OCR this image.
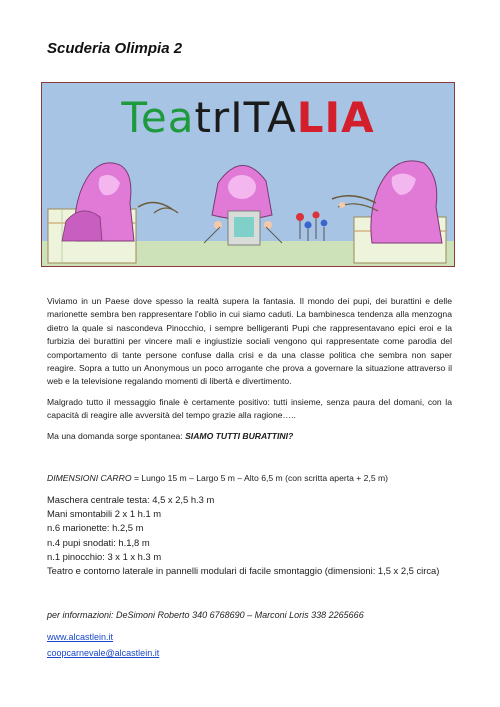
Scuderia Olimpia 2
TeatrITALIA
Viviamo in un Paese dove spesso la realtà supera la fantasia. Il mondo dei pupi, dei burattini e delle marionette sembra ben rappresentare l'oblio in cui siamo caduti. La bambinesca tendenza alla menzogna dietro la quale si nascondeva Pinocchio, i sempre belligeranti Pupi che rappresentavano epici eroi e la furbizia dei burattini per vincere mali e ingiustizie sociali vengono qui rappresentate come parodia del comportamento di tante persone confuse dalla crisi e da una classe politica che sembra non saper reagire. Sopra a tutto un Anonymous un poco arrogante che prova a governare la situazione attraverso il web e la televisione regalando momenti di libertà e divertimento.
Malgrado tutto il messaggio finale è certamente positivo: tutti insieme, senza paura del domani, con la capacità di reagire alle avversità del tempo grazie alla ragione…..
Ma una domanda sorge spontanea: SIAMO TUTTI BURATTINI?
DIMENSIONI CARRO = Lungo 15 m – Largo 5 m – Alto 6,5 m (con scritta aperta + 2,5 m)
Maschera centrale testa: 4,5 x 2,5 h.3 m
Mani smontabili 2 x 1 h.1 m
n.6 marionette: h.2,5 m
n.4 pupi snodati: h.1,8 m
n.1 pinocchio: 3 x 1 x h.3 m
Teatro e contorno laterale in pannelli modulari di facile smontaggio (dimensioni: 1,5 x 2,5 circa)
per informazioni: DeSimoni Roberto 340 6768690 – Marconi Loris 338 2265666
www.alcastlein.it
coopcarnevale@alcastlein.it
